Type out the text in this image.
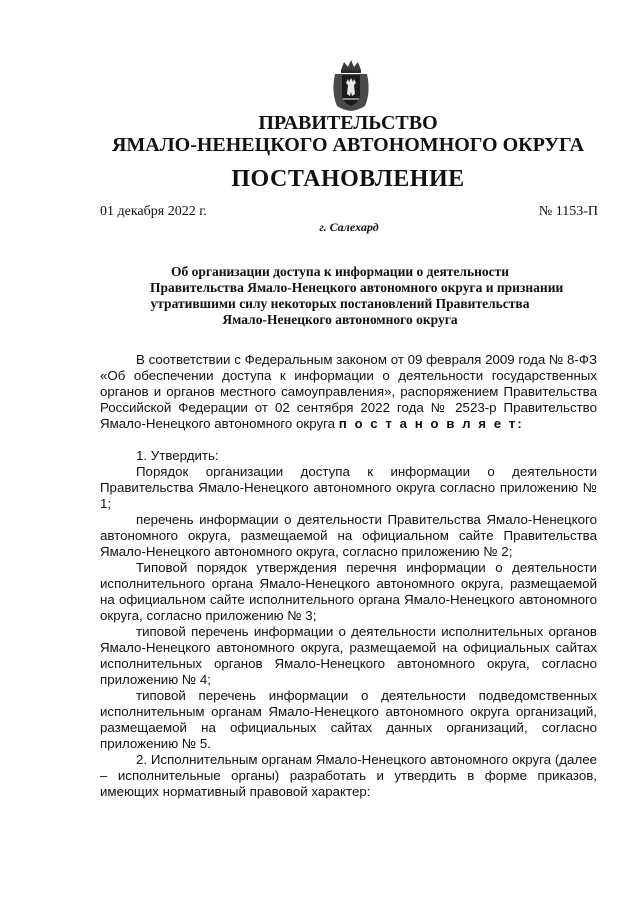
ПРАВИТЕЛЬСТВО
ЯМАЛО-НЕНЕЦКОГО АВТОНОМНОГО ОКРУГА
ПОСТАНОВЛЕНИЕ
01 декабря 2022 г.	№ 1153-П
г. Салехард
Об организации доступа к информации о деятельности
Правительства Ямало-Ненецкого автономного округа и признании
утратившими силу некоторых постановлений Правительства
Ямало-Ненецкого автономного округа

В соответствии с Федеральным законом от 09 февраля 2009 года № 8-ФЗ «Об обеспечении доступа к информации о деятельности государственных органов и органов местного самоуправления», распоряжением Правительства Российской Федерации от 02 сентября 2022 года № 2523-р Правительство Ямало-Ненецкого автономного округа п о с т а н о в л я е т:

1. Утвердить:

Порядок организации доступа к информации о деятельности Правительства Ямало-Ненецкого автономного округа согласно приложению № 1;

перечень информации о деятельности Правительства Ямало-Ненецкого автономного округа, размещаемой на официальном сайте Правительства Ямало-Ненецкого автономного округа, согласно приложению № 2;

Типовой порядок утверждения перечня информации о деятельности исполнительного органа Ямало-Ненецкого автономного округа, размещаемой на официальном сайте исполнительного органа Ямало-Ненецкого автономного округа, согласно приложению № 3;

типовой перечень информации о деятельности исполнительных органов Ямало-Ненецкого автономного округа, размещаемой на официальных сайтах исполнительных органов Ямало-Ненецкого автономного округа, согласно приложению № 4;

типовой перечень информации о деятельности подведомственных исполнительным органам Ямало-Ненецкого автономного округа организаций, размещаемой на официальных сайтах данных организаций, согласно приложению № 5.

2. Исполнительным органам Ямало-Ненецкого автономного округа (далее – исполнительные органы) разработать и утвердить в форме приказов, имеющих нормативный правовой характер:
